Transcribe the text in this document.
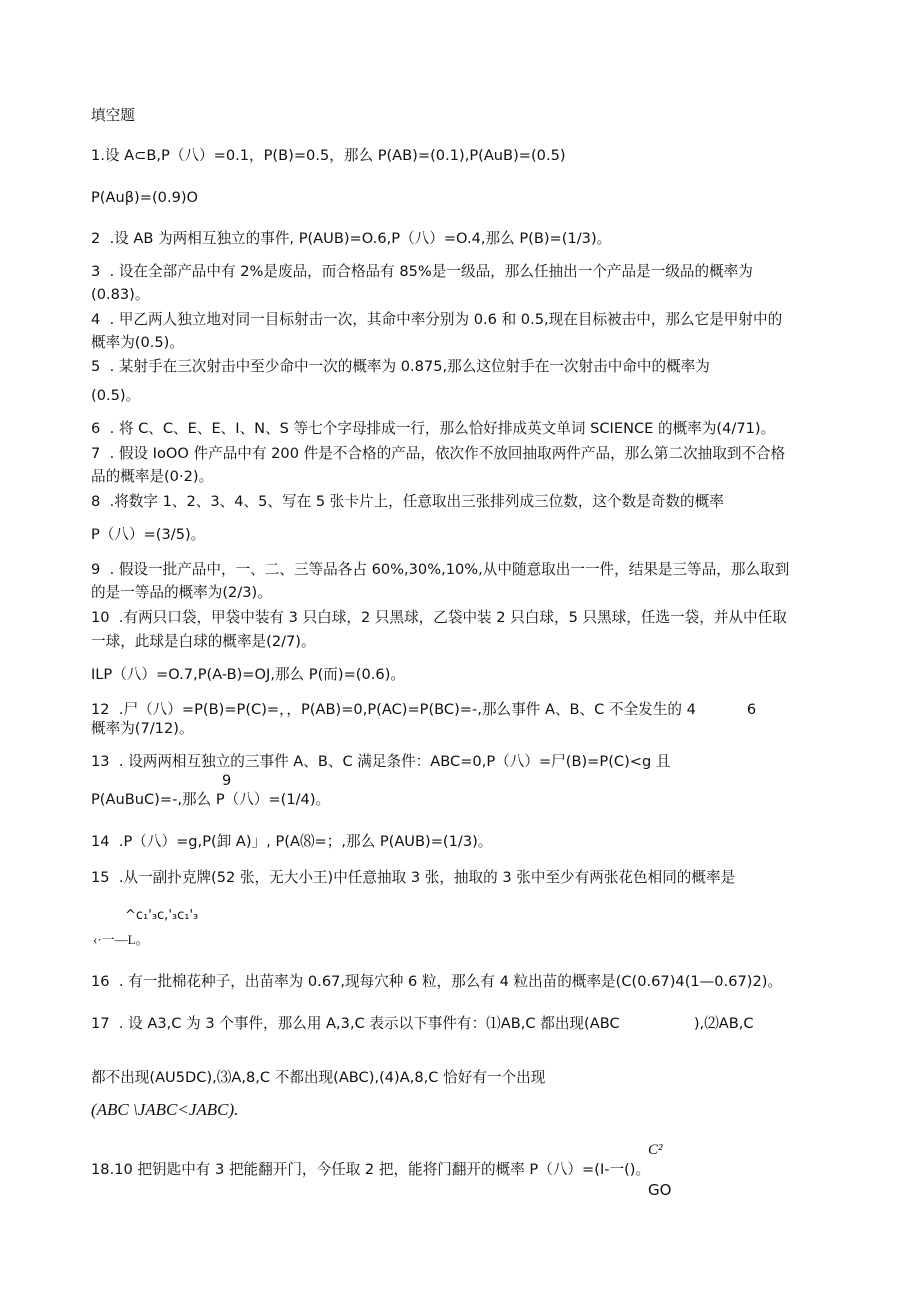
填空题
1.设 A⊂B,P（八）=0.1，P(B)=0.5，那么 P(AB)=(0.1),P(AuB)=(0.5)
P(Auβ)=(0.9)O
2  .设 AB 为两相互独立的事件, P(AUB)=O.6,P（八）=O.4,那么 P(B)=(1/3)。
3  . 设在全部产品中有 2%是废品，而合格品有 85%是一级品，那么任抽出一个产品是一级品的概率为
(0.83)。
4  . 甲乙两人独立地对同一目标射击一次，其命中率分别为 0.6 和 0.5,现在目标被击中，那么它是甲射中的
概率为(0.5)。
5  . 某射手在三次射击中至少命中一次的概率为 0.875,那么这位射手在一次射击中命中的概率为
(0.5)。
6  . 将 C、C、E、E、I、N、S 等七个字母排成一行，那么恰好排成英文单词 SCIENCE 的概率为(4/71)。
7  . 假设 IoOO 件产品中有 200 件是不合格的产品，依次作不放回抽取两件产品，那么第二次抽取到不合格
品的概率是(0·2)。
8  .将数字 1、2、3、4、5、写在 5 张卡片上，任意取出三张排列成三位数，这个数是奇数的概率
P（八）=(3/5)。
9  . 假设一批产品中，一、二、三等品各占 60%,30%,10%,从中随意取出一一件，结果是三等品，那么取到
的是一等品的概率为(2/3)。
10  .有两只口袋，甲袋中装有 3 只白球，2 只黑球，乙袋中装 2 只白球，5 只黑球，任选一袋，并从中任取
一球，此球是白球的概率是(2/7)。
ILP（八）=O.7,P(A-B)=OJ,那么 P(而)=(0.6)。
12  .尸（八）=P(B)=P(C)=，，P(AB)=0,P(AC)=P(BC)=-,那么事件 A、B、C 不全发生的 4           6
概率为(7/12)。
13  . 设两两相互独立的三事件 A、B、C 满足条件：ABC=0,P（八）=尸(B)=P(C)<g 且
9
P(AuBuC)=-,那么 P（八）=(1/4)。
14  .P（八）=g,P(卸 A)」, P(A⑻=；,那么 P(AUB)=(1/3)。
15  .从一副扑克牌(52 张，无大小王)中任意抽取 3 张，抽取的 3 张中至少有两张花色相同的概率是
^c₁'₃c,'₃c₁'₃
‹·一—L。
16  . 有一批棉花种子，出苗率为 0.67,现每穴种 6 粒，那么有 4 粒出苗的概率是(C(0.67)4(1—0.67)2)。
17  . 设 A3,C 为 3 个事件，那么用 A,3,C 表示以下事件有：⑴AB,C 都出现(ABC                ),⑵AB,C
都不出现(AU5DC),⑶A,8,C 不都出现(ABC),(4)A,8,C 恰好有一个出现
(ABC \JABC<JABC).
C²
18.10 把钥匙中有 3 把能翻开门，今任取 2 把，能将门翻开的概率 P（八）=(I-一()。
GO
